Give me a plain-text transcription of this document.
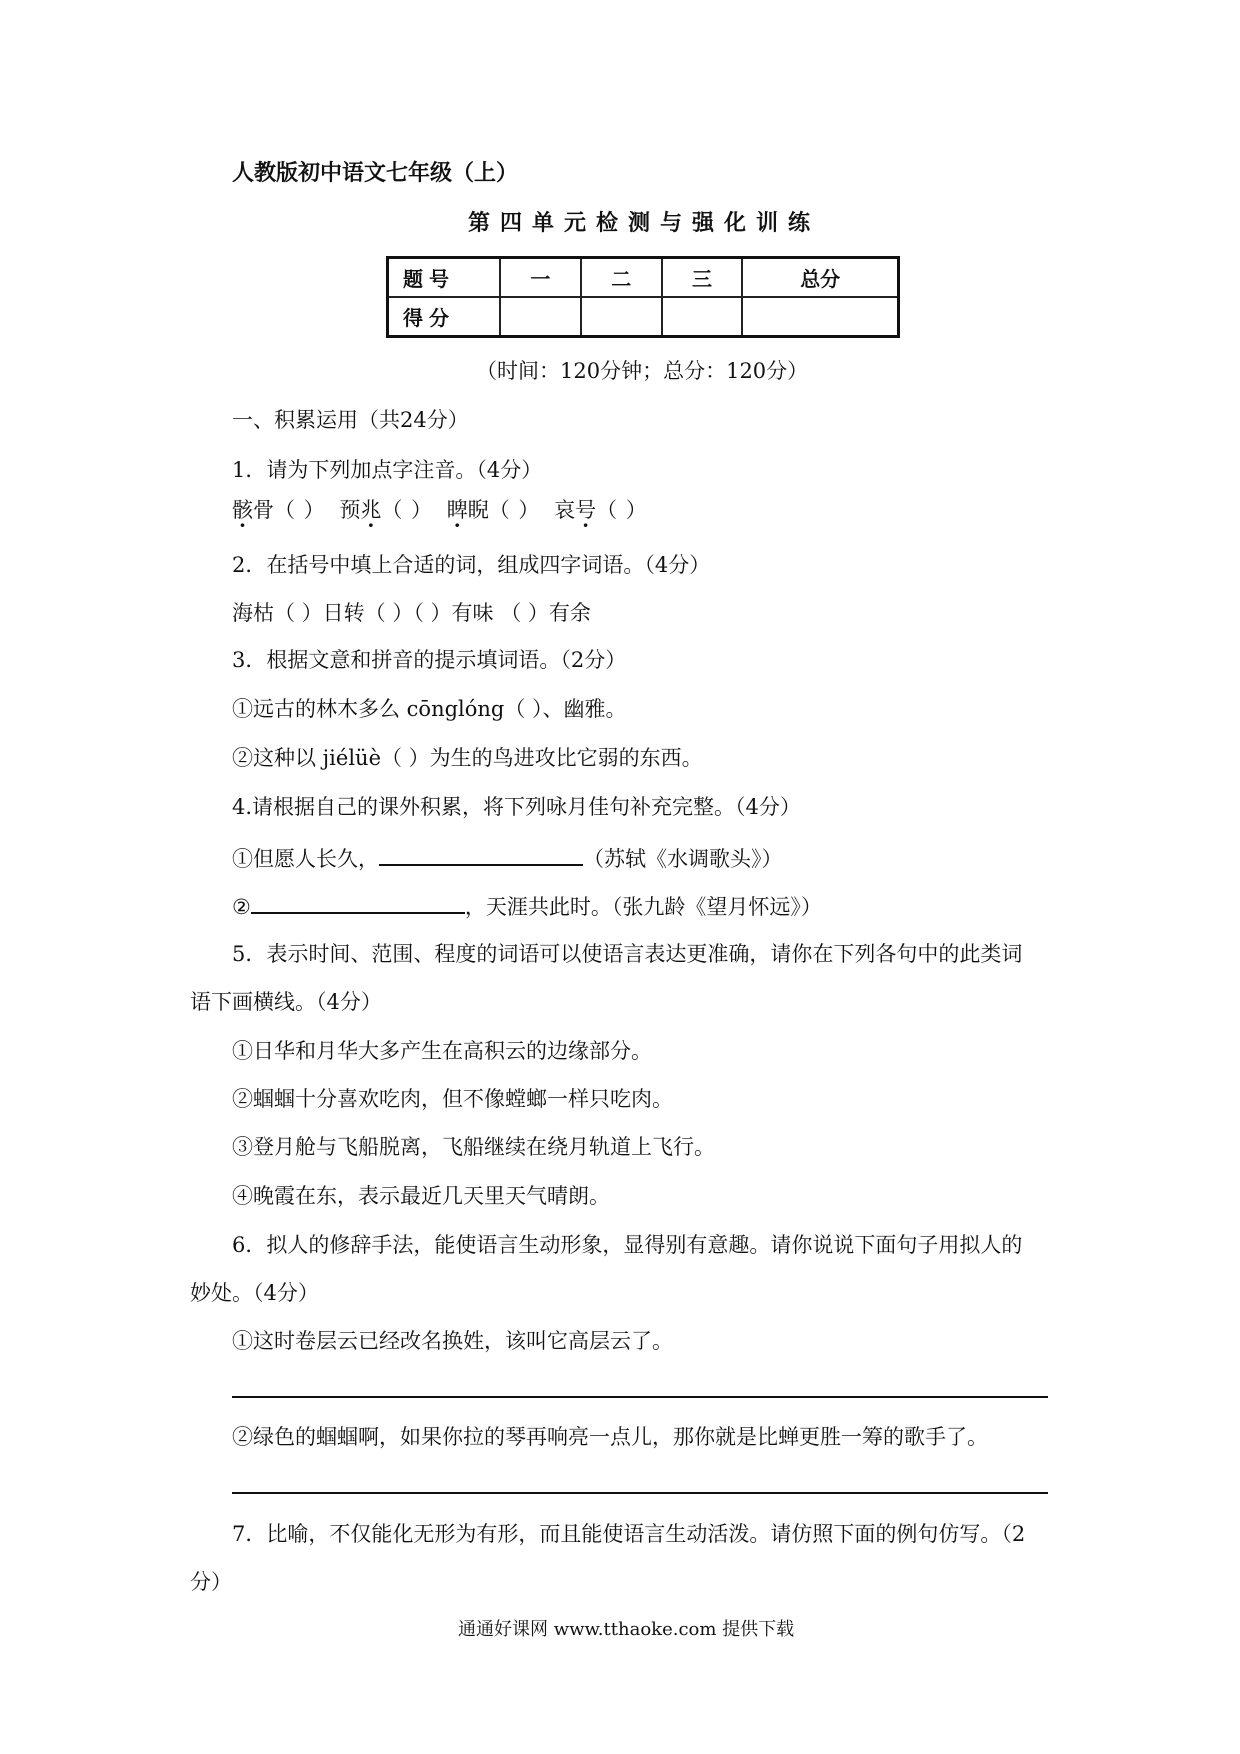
人教版初中语文七年级（上）
第四单元检测与强化训练
题号	一	二	三	总分
得分				
（时间：120分钟；总分：120分）
一、积累运用（共24分）
1．请为下列加点字注音。（4分）
骸骨（ ） 预兆（ ） 睥睨（ ） 哀号（ ）
2．在括号中填上合适的词，组成四字词语。（4分）
海枯（ ）日转（ ）（ ）有味 （ ）有余
3．根据文意和拼音的提示填词语。（2分）
①远古的林木多么 cōnglóng（ ）、幽雅。
②这种以 jiélüè（ ）为生的鸟进攻比它弱的东西。
4.请根据自己的课外积累，将下列咏月佳句补充完整。（4分）
①但愿人长久，	（苏轼《水调歌头》）
②	，天涯共此时。（张九龄《望月怀远》）
5．表示时间、范围、程度的词语可以使语言表达更准确，请你在下列各句中的此类词
语下画横线。（4分）
①日华和月华大多产生在高积云的边缘部分。
②蝈蝈十分喜欢吃肉，但不像螳螂一样只吃肉。
③登月舱与飞船脱离，飞船继续在绕月轨道上飞行。
④晚霞在东，表示最近几天里天气晴朗。
6．拟人的修辞手法，能使语言生动形象，显得别有意趣。请你说说下面句子用拟人的
妙处。（4分）
①这时卷层云已经改名换姓，该叫它高层云了。
②绿色的蝈蝈啊，如果你拉的琴再响亮一点儿，那你就是比蝉更胜一筹的歌手了。
7．比喻，不仅能化无形为有形，而且能使语言生动活泼。请仿照下面的例句仿写。（2
分）
通通好课网 www.tthaoke.com 提供下载
